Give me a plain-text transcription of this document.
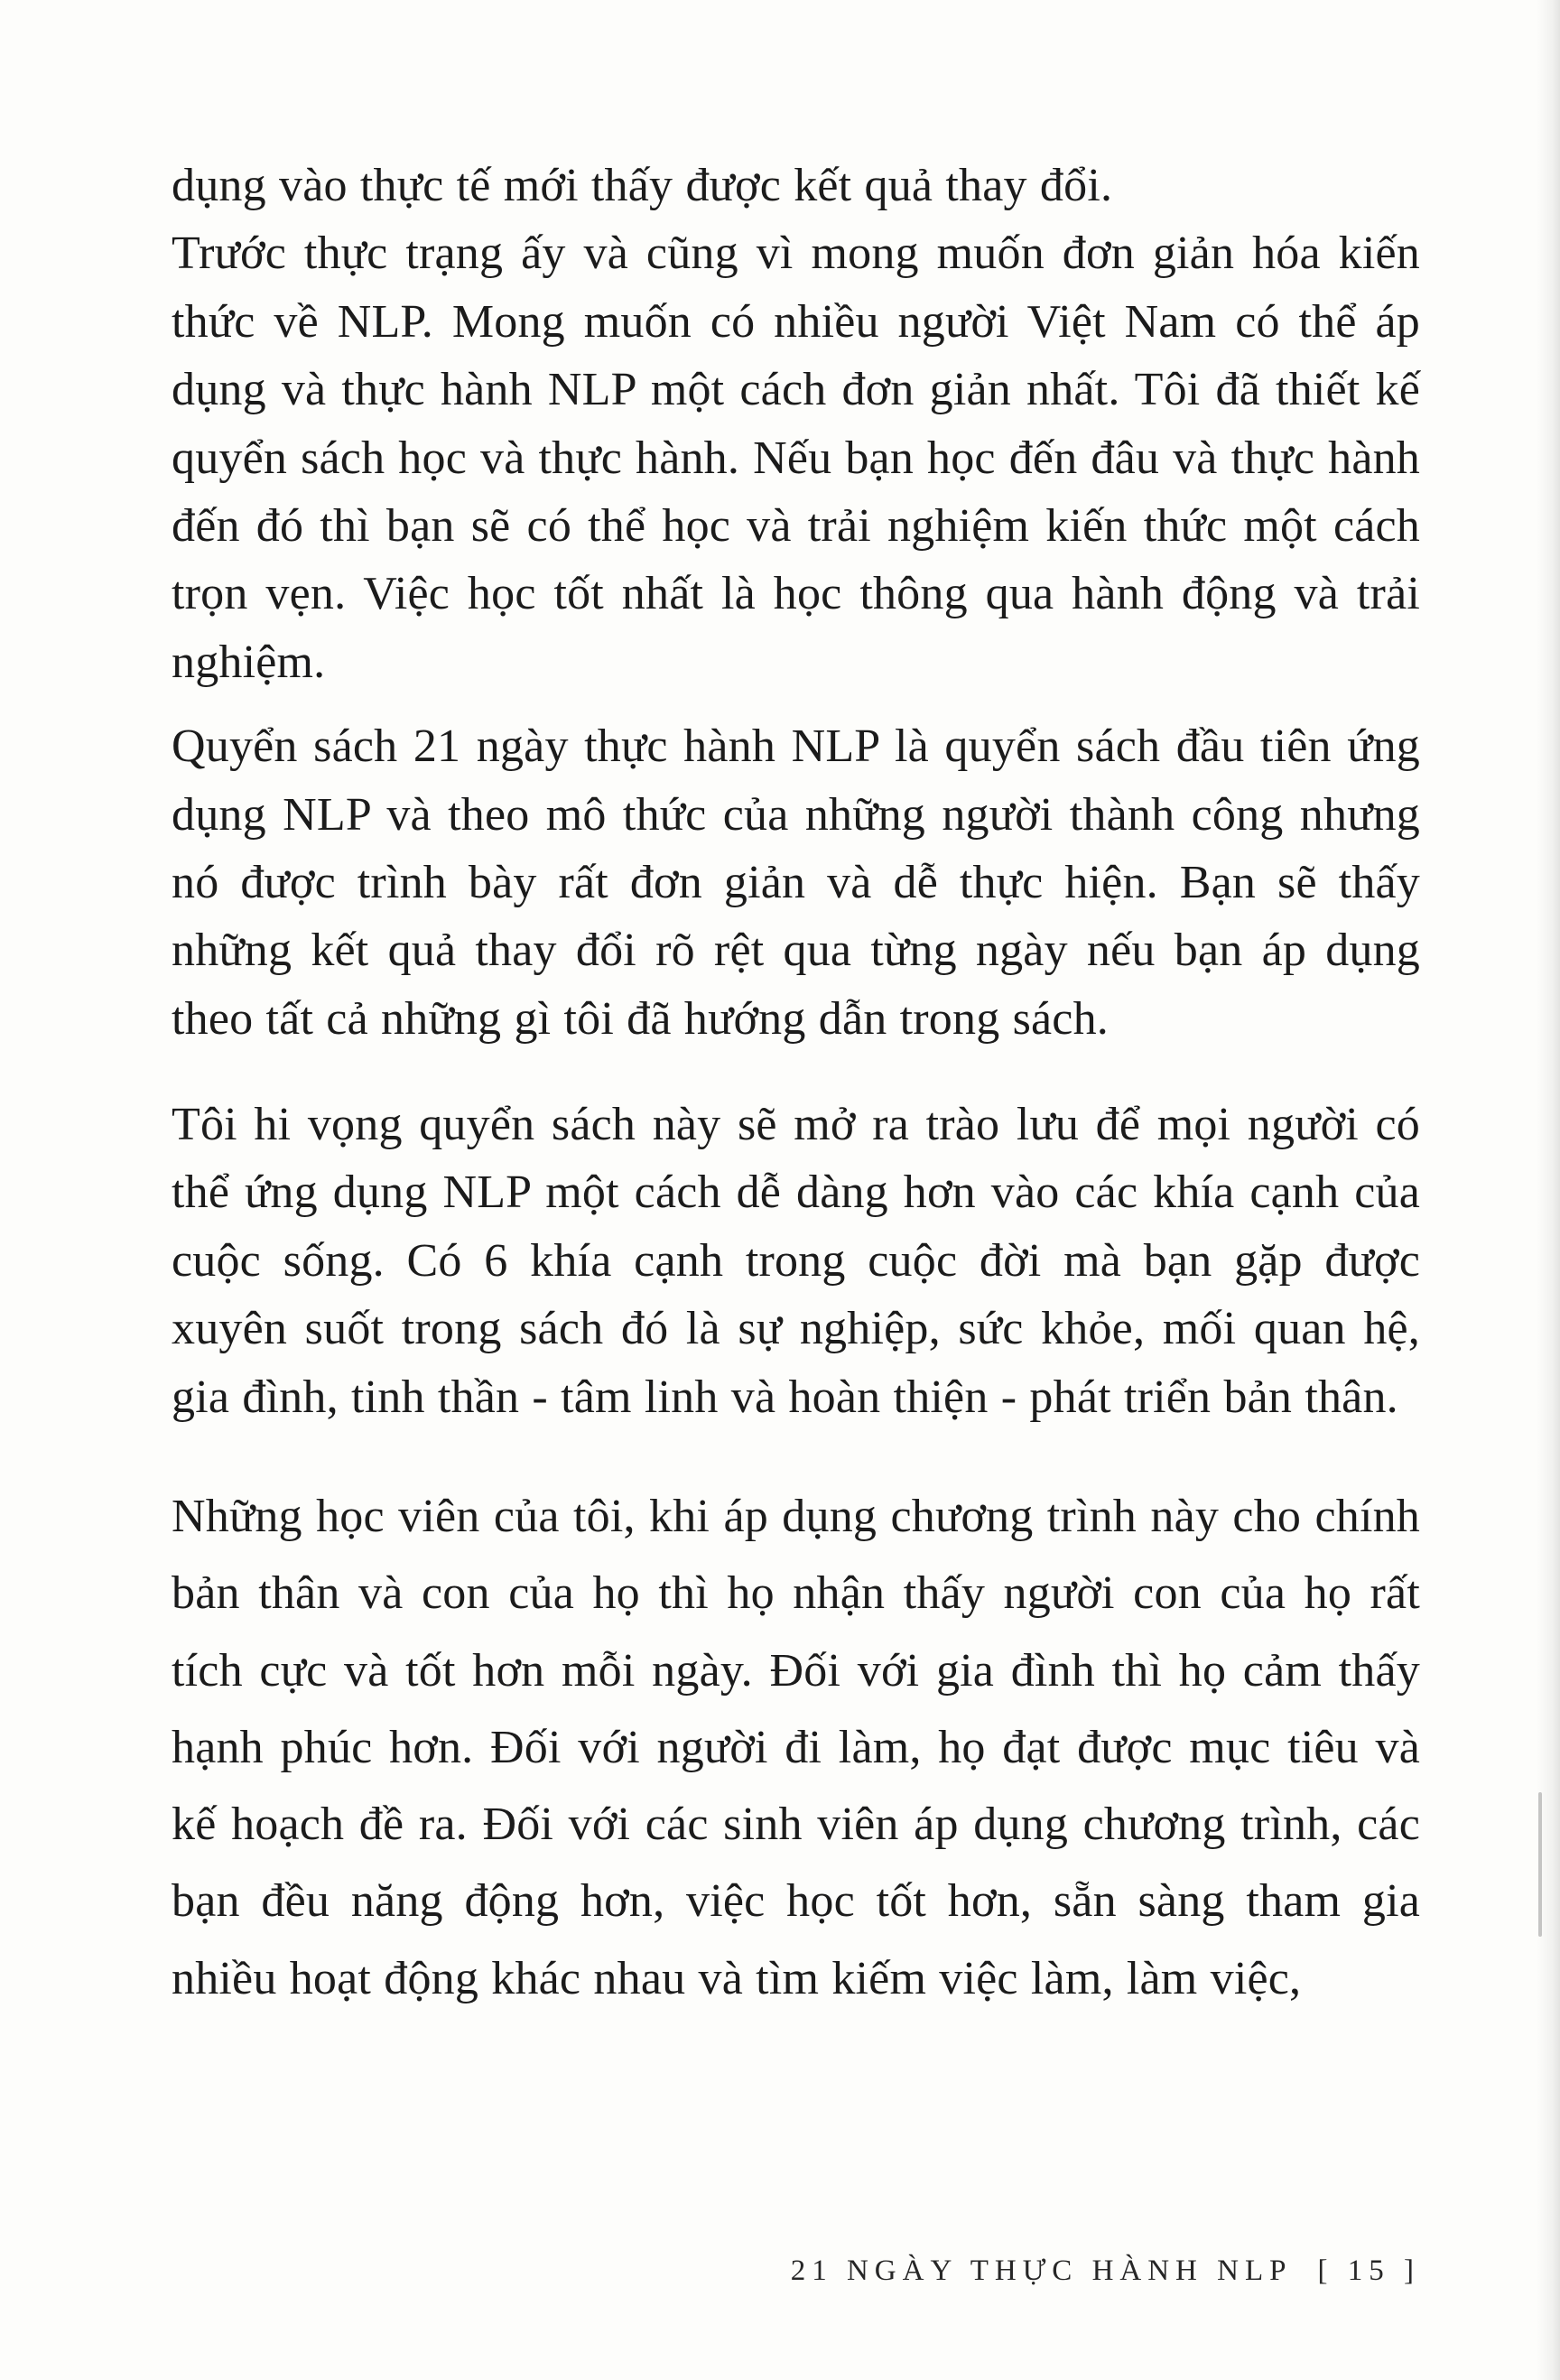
dụng vào thực tế mới thấy được kết quả thay đổi.

Trước thực trạng ấy và cũng vì mong muốn đơn giản hóa kiến thức về NLP. Mong muốn có nhiều người Việt Nam có thể áp dụng và thực hành NLP một cách đơn giản nhất. Tôi đã thiết kế quyển sách học và thực hành. Nếu bạn học đến đâu và thực hành đến đó thì bạn sẽ có thể học và trải nghiệm kiến thức một cách trọn vẹn. Việc học tốt nhất là học thông qua hành động và trải nghiệm.

Quyển sách 21 ngày thực hành NLP là quyển sách đầu tiên ứng dụng NLP và theo mô thức của những người thành công nhưng nó được trình bày rất đơn giản và dễ thực hiện. Bạn sẽ thấy những kết quả thay đổi rõ rệt qua từng ngày nếu bạn áp dụng theo tất cả những gì tôi đã hướng dẫn trong sách.

Tôi hi vọng quyển sách này sẽ mở ra trào lưu để mọi người có thể ứng dụng NLP một cách dễ dàng hơn vào các khía cạnh của cuộc sống. Có 6 khía cạnh trong cuộc đời mà bạn gặp được xuyên suốt trong sách đó là sự nghiệp, sức khỏe, mối quan hệ, gia đình, tinh thần - tâm linh và hoàn thiện - phát triển bản thân.

Những học viên của tôi, khi áp dụng chương trình này cho chính bản thân và con của họ thì họ nhận thấy người con của họ rất tích cực và tốt hơn mỗi ngày. Đối với gia đình thì họ cảm thấy hạnh phúc hơn. Đối với người đi làm, họ đạt được mục tiêu và kế hoạch đề ra. Đối với các sinh viên áp dụng chương trình, các bạn đều năng động hơn, việc học tốt hơn, sẵn sàng tham gia nhiều hoạt động khác nhau và tìm kiếm việc làm, làm việc,

21 NGÀY THỰC HÀNH NLP [ 15 ]
